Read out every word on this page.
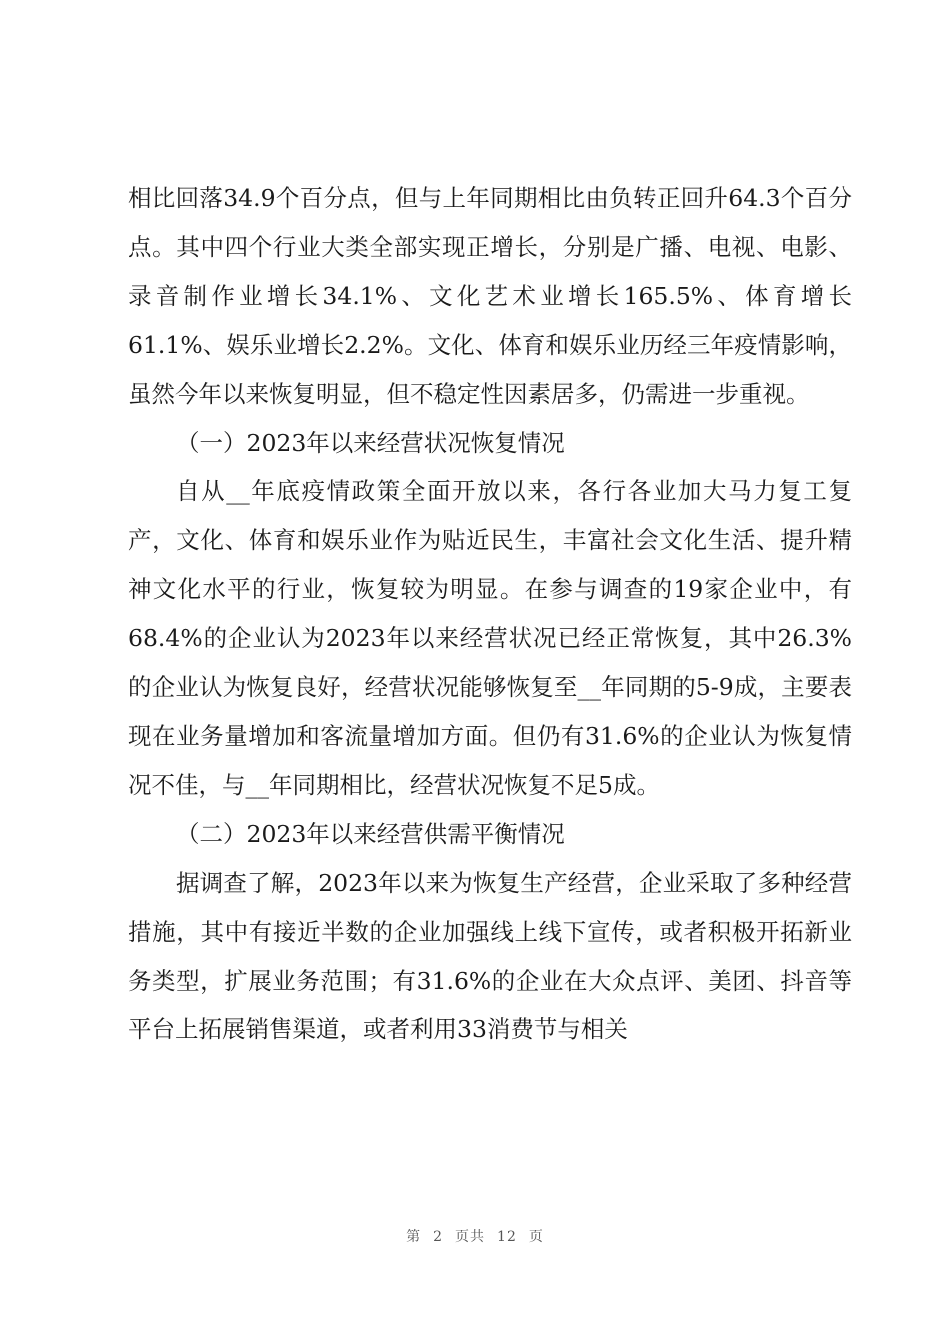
相比回落34.9个百分点，但与上年同期相比由负转正回升64.3个百分点。其中四个行业大类全部实现正增长，分别是广播、电视、电影、录音制作业增长34.1%、文化艺术业增长165.5%、体育增长61.1%、娱乐业增长2.2%。文化、体育和娱乐业历经三年疫情影响，虽然今年以来恢复明显，但不稳定性因素居多，仍需进一步重视。

（一）2023年以来经营状况恢复情况

自从__年底疫情政策全面开放以来，各行各业加大马力复工复产，文化、体育和娱乐业作为贴近民生，丰富社会文化生活、提升精神文化水平的行业，恢复较为明显。在参与调查的19家企业中，有68.4%的企业认为2023年以来经营状况已经正常恢复，其中26.3%的企业认为恢复良好，经营状况能够恢复至__年同期的5-9成，主要表现在业务量增加和客流量增加方面。但仍有31.6%的企业认为恢复情况不佳，与__年同期相比，经营状况恢复不足5成。

（二）2023年以来经营供需平衡情况

据调查了解，2023年以来为恢复生产经营，企业采取了多种经营措施，其中有接近半数的企业加强线上线下宣传，或者积极开拓新业务类型，扩展业务范围；有31.6%的企业在大众点评、美团、抖音等平台上拓展销售渠道，或者利用33消费节与相关

第 2 页共 12 页
